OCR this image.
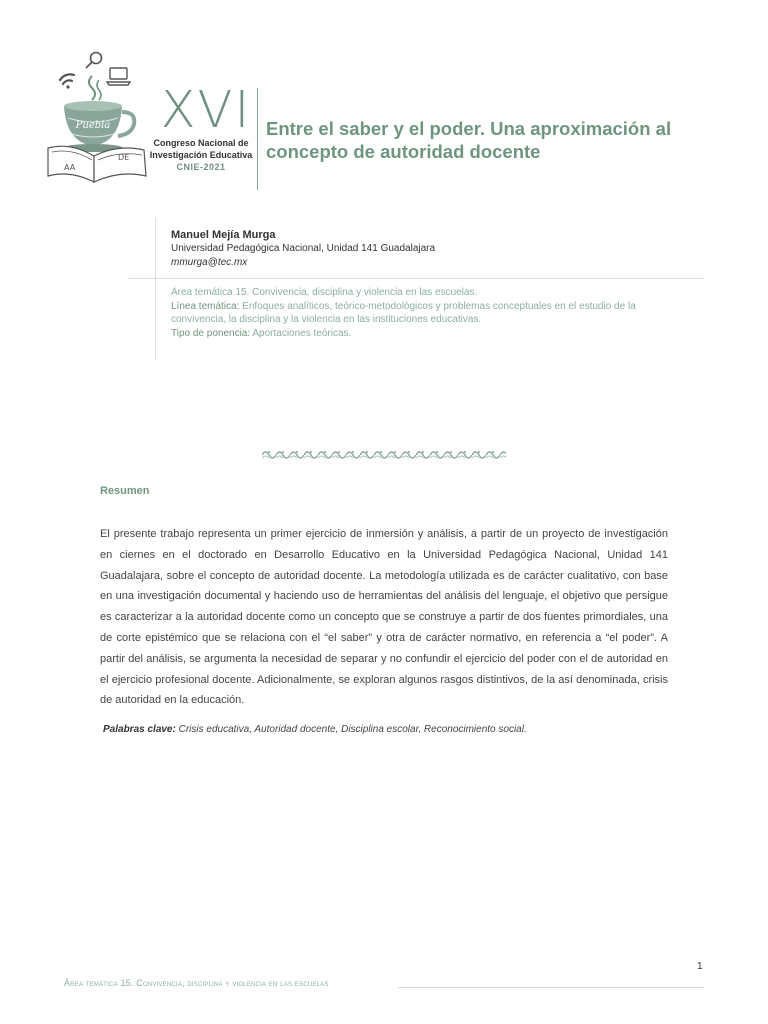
Puebla
AA
DE
XVI
Congreso Nacional de
Investigación Educativa
CNIE-2021
Entre el saber y el poder. Una aproximación al concepto de autoridad docente
Manuel Mejía Murga
Universidad Pedagógica Nacional, Unidad 141 Guadalajara
mmurga@tec.mx
Área temática 15. Convivencia, disciplina y violencia en las escuelas.
Línea temática: Enfoques analíticos, teórico-metodológicos y problemas conceptuales en el estudio de la convivencia, la disciplina y la violencia en las instituciones educativas.
Tipo de ponencia: Aportaciones teóricas.
Resumen

El presente trabajo representa un primer ejercicio de inmersión y análisis, a partir de un proyecto de investigación en ciernes en el doctorado en Desarrollo Educativo en la Universidad Pedagógica Nacional, Unidad 141 Guadalajara, sobre el concepto de autoridad docente. La metodología utilizada es de carácter cualitativo, con base en una investigación documental y haciendo uso de herramientas del análisis del lenguaje, el objetivo que persigue es caracterizar a la autoridad docente como un concepto que se construye a partir de dos fuentes primordiales, una de corte epistémico que se relaciona con el “el saber” y otra de carácter normativo, en referencia a “el poder”. A partir del análisis, se argumenta la necesidad de separar y no confundir el ejercicio del poder con el de autoridad en el ejercicio profesional docente. Adicionalmente, se exploran algunos rasgos distintivos, de la así denominada, crisis de autoridad en la educación.

Palabras clave: Crisis educativa, Autoridad docente, Disciplina escolar, Reconocimiento social.
1
Área temática 15. Convivencia, disciplina y violencia en las escuelas
